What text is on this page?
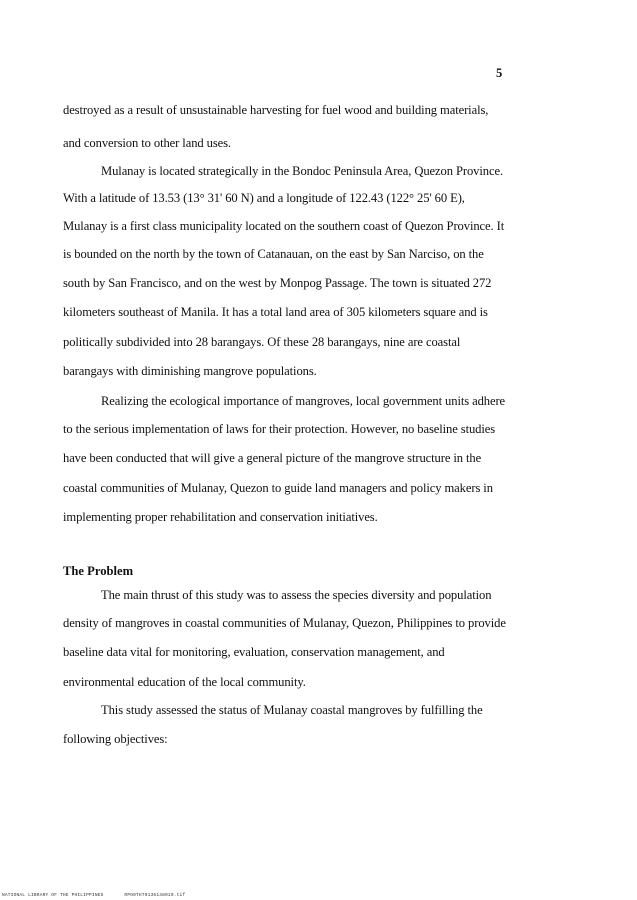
5
destroyed as a result of unsustainable harvesting for fuel wood and building materials,
and conversion to other land uses.
Mulanay is located strategically in the Bondoc Peninsula Area, Quezon Province.
With a latitude of 13.53 (13° 31' 60 N) and a longitude of 122.43 (122° 25' 60 E),
Mulanay is a first class municipality located on the southern coast of Quezon Province. It
is bounded on the north by the town of Catanauan, on the east by San Narciso, on the
south by San Francisco, and on the west by Monpog Passage. The town is situated 272
kilometers southeast of Manila. It has a total land area of 305 kilometers square and is
politically subdivided into 28 barangays. Of these 28 barangays, nine are coastal
barangays with diminishing mangrove populations.
Realizing the ecological importance of mangroves, local government units adhere
to the serious implementation of laws for their protection. However, no baseline studies
have been conducted that will give a general picture of the mangrove structure in the
coastal communities of Mulanay, Quezon to guide land managers and policy makers in
implementing proper rehabilitation and conservation initiatives.
The Problem
The main thrust of this study was to assess the species diversity and population
density of mangroves in coastal communities of Mulanay, Quezon, Philippines to provide
baseline data vital for monitoring, evaluation, conservation management, and
environmental education of the local community.
This study assessed the status of Mulanay coastal mangroves by fulfilling the
following objectives:
NATIONAL LIBRARY OF THE PHILIPPINES	RPO0TH70136148010.tif
